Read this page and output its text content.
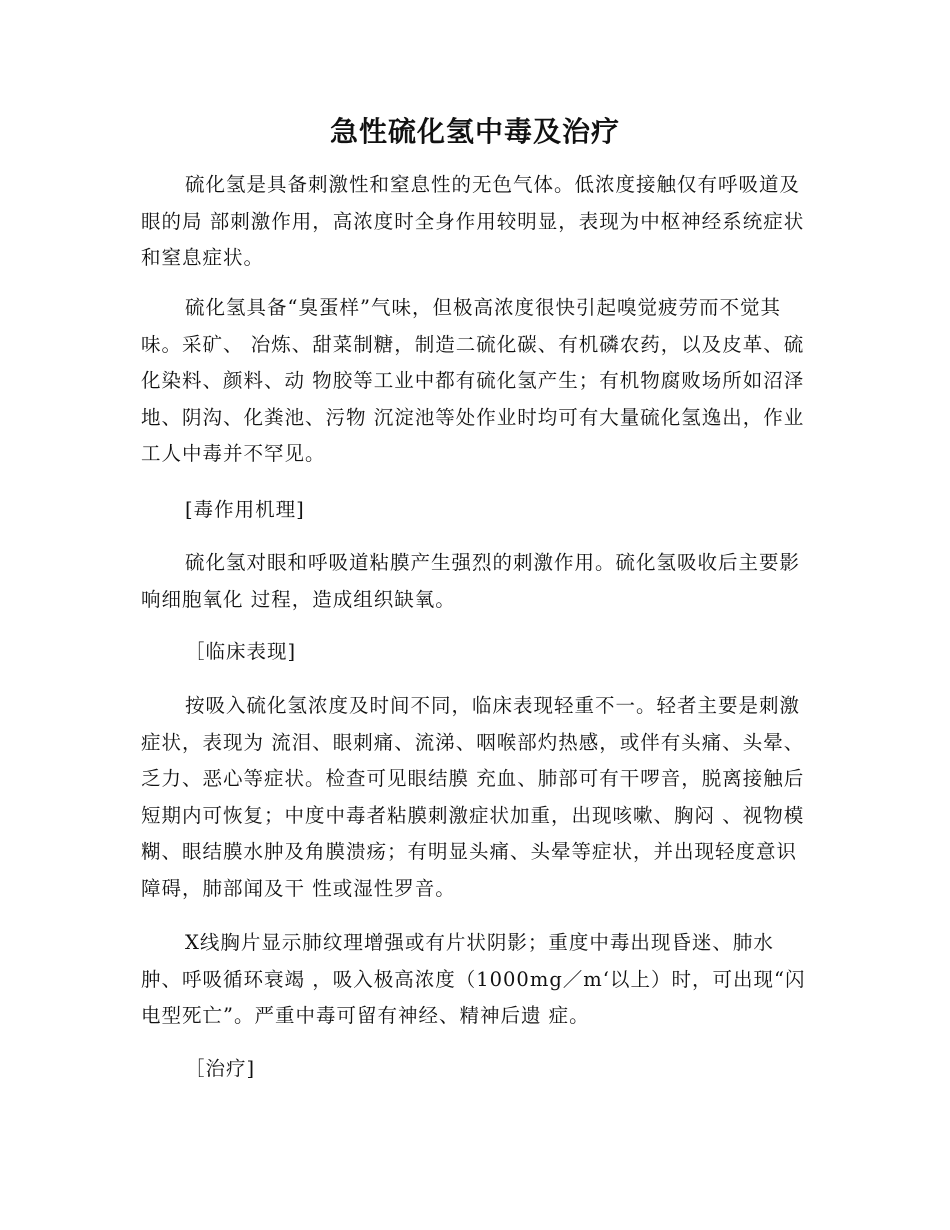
急性硫化氢中毒及治疗
硫化氢是具备刺激性和窒息性的无色气体。低浓度接触仅有呼吸道及眼的局 部刺激作用，高浓度时全身作用较明显，表现为中枢神经系统症状和窒息症状。
硫化氢具备“臭蛋样”气味，但极高浓度很快引起嗅觉疲劳而不觉其味。采矿、 冶炼、甜菜制糖，制造二硫化碳、有机磷农药，以及皮革、硫化染料、颜料、动 物胶等工业中都有硫化氢产生；有机物腐败场所如沼泽地、阴沟、化粪池、污物 沉淀池等处作业时均可有大量硫化氢逸出，作业工人中毒并不罕见。
[毒作用机理]
硫化氢对眼和呼吸道粘膜产生强烈的刺激作用。硫化氢吸收后主要影响细胞氧化 过程，造成组织缺氧。
［临床表现]
按吸入硫化氢浓度及时间不同，临床表现轻重不一。轻者主要是刺激症状，表现为 流泪、眼刺痛、流涕、咽喉部灼热感，或伴有头痛、头晕、乏力、恶心等症状。检查可见眼结膜 充血、肺部可有干啰音，脱离接触后短期内可恢复；中度中毒者粘膜刺激症状加重，出现咳嗽、胸闷 、视物模糊、眼结膜水肿及角膜溃疡；有明显头痛、头晕等症状，并出现轻度意识障碍，肺部闻及干 性或湿性罗音。
X线胸片显示肺纹理增强或有片状阴影；重度中毒出现昏迷、肺水肿、呼吸循环衰竭 ，吸入极高浓度（1000mg／m‘以上）时，可出现“闪电型死亡”。严重中毒可留有神经、精神后遗 症。
［治疗]
